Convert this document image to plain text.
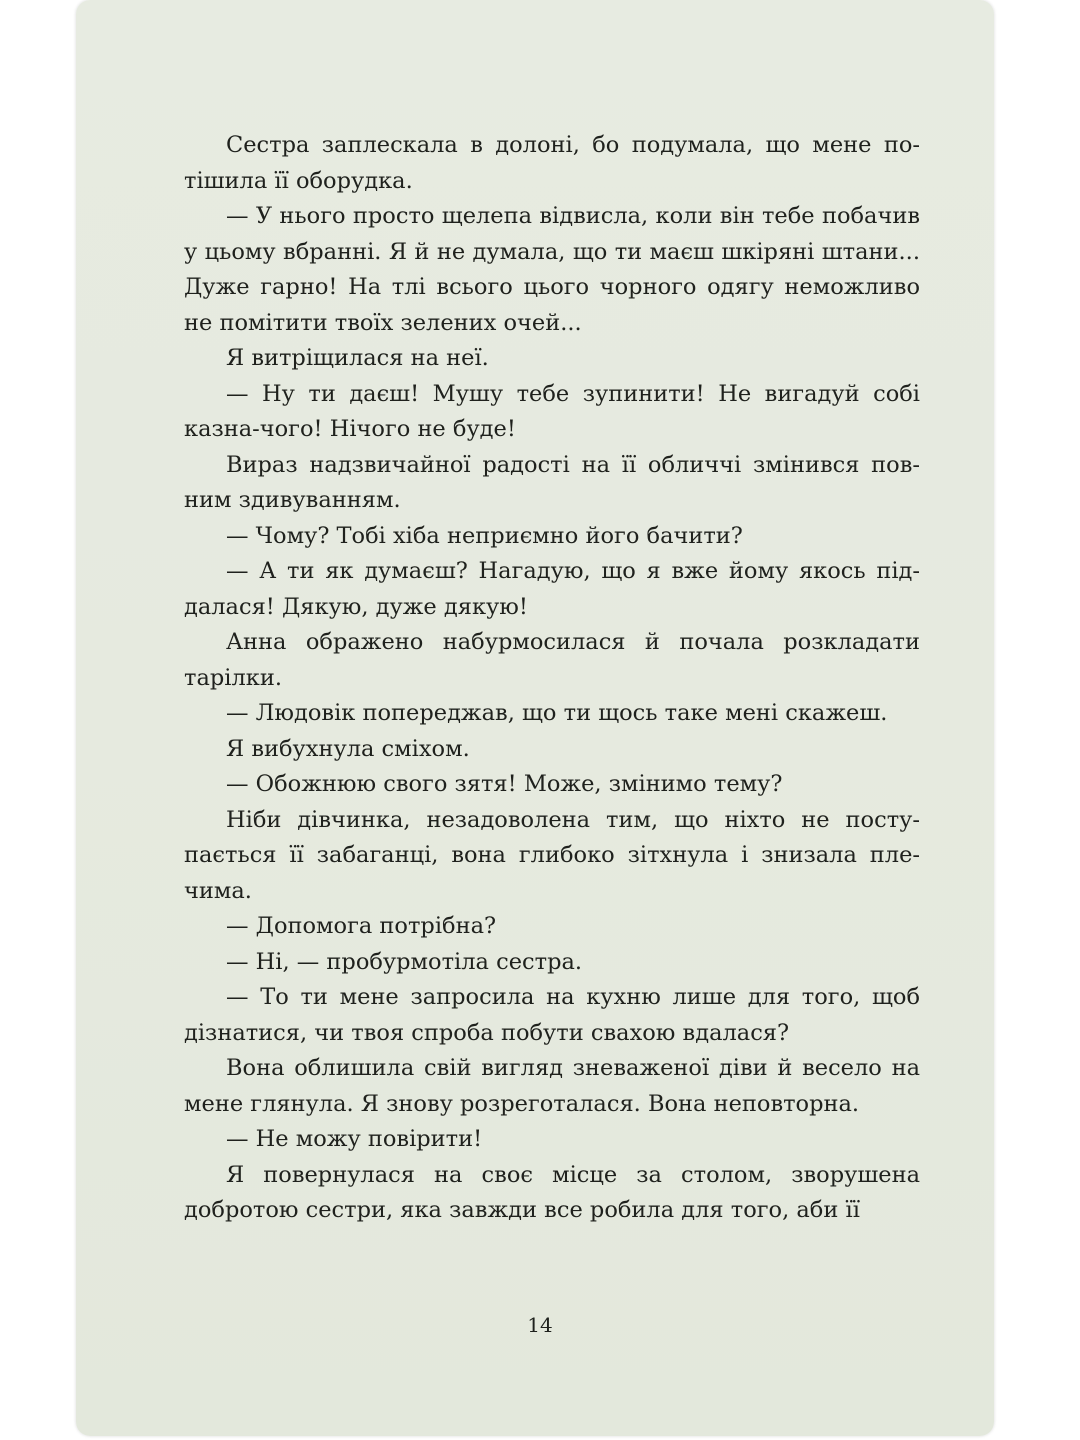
Сестра заплескала в долоні, бо подумала, що мене потішила її оборудка.

— У нього просто щелепа відвисла, коли він тебе побачив у цьому вбранні. Я й не думала, що ти маєш шкіряні штани... Дуже гарно! На тлі всього цього чорного одягу неможливо не помітити твоїх зелених очей...

Я витріщилася на неї.

— Ну ти даєш! Мушу тебе зупинити! Не вигадуй собі казна-чого! Нічого не буде!

Вираз надзвичайної радості на її обличчі змінився повним здивуванням.

— Чому? Тобі хіба неприємно його бачити?

— А ти як думаєш? Нагадую, що я вже йому якось піддалася! Дякую, дуже дякую!

Анна ображено набурмосилася й почала розкладати тарілки.

— Людовік попереджав, що ти щось таке мені скажеш.

Я вибухнула сміхом.

— Обожнюю свого зятя! Може, змінимо тему?

Ніби дівчинка, незадоволена тим, що ніхто не поступається її забаганці, вона глибоко зітхнула і знизала плечима.

— Допомога потрібна?

— Ні, — пробурмотіла сестра.

— То ти мене запросила на кухню лише для того, щоб дізнатися, чи твоя спроба побути свахою вдалася?

Вона облишила свій вигляд зневаженої діви й весело на мене глянула. Я знову розреготалася. Вона неповторна.

— Не можу повірити!

Я повернулася на своє місце за столом, зворушена добротою сестри, яка завжди все робила для того, аби її

14
